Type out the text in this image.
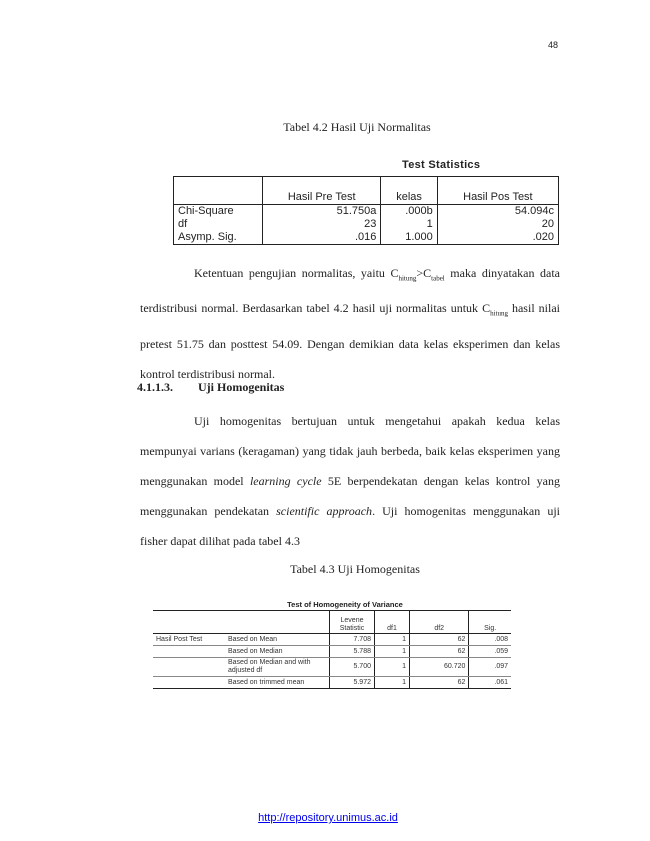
48
Tabel 4.2 Hasil Uji Normalitas
Test Statistics
	Hasil Pre Test	kelas	Hasil Pos Test
Chi-Square	51.750a	.000b	54.094c
df	23	1	20
Asymp. Sig.	.016	1.000	.020

Ketentuan pengujian normalitas, yaitu $C_{hitung}>C_{tabel}$ maka dinyatakan data terdistribusi normal. Berdasarkan tabel 4.2 hasil uji normalitas untuk $C_{hitung}$ hasil nilai pretest 51.75 dan posttest 54.09. Dengan demikian data kelas eksperimen dan kelas kontrol terdistribusi normal.

4.1.1.3. Uji Homogenitas

Uji homogenitas bertujuan untuk mengetahui apakah kedua kelas mempunyai varians (keragaman) yang tidak jauh berbeda, baik kelas eksperimen yang menggunakan model learning cycle 5E berpendekatan dengan kelas kontrol yang menggunakan pendekatan scientific approach. Uji homogenitas menggunakan uji fisher dapat dilihat pada tabel 4.3

Tabel 4.3 Uji Homogenitas
Test of Homogeneity of Variance
		Levene Statistic	df1	df2	Sig.
Hasil Post Test	Based on Mean	7.708	1	62	.008
	Based on Median	5.788	1	62	.059
	Based on Median and with adjusted df	5.700	1	60.720	.097
	Based on trimmed mean	5.972	1	62	.061
http://repository.unimus.ac.id
